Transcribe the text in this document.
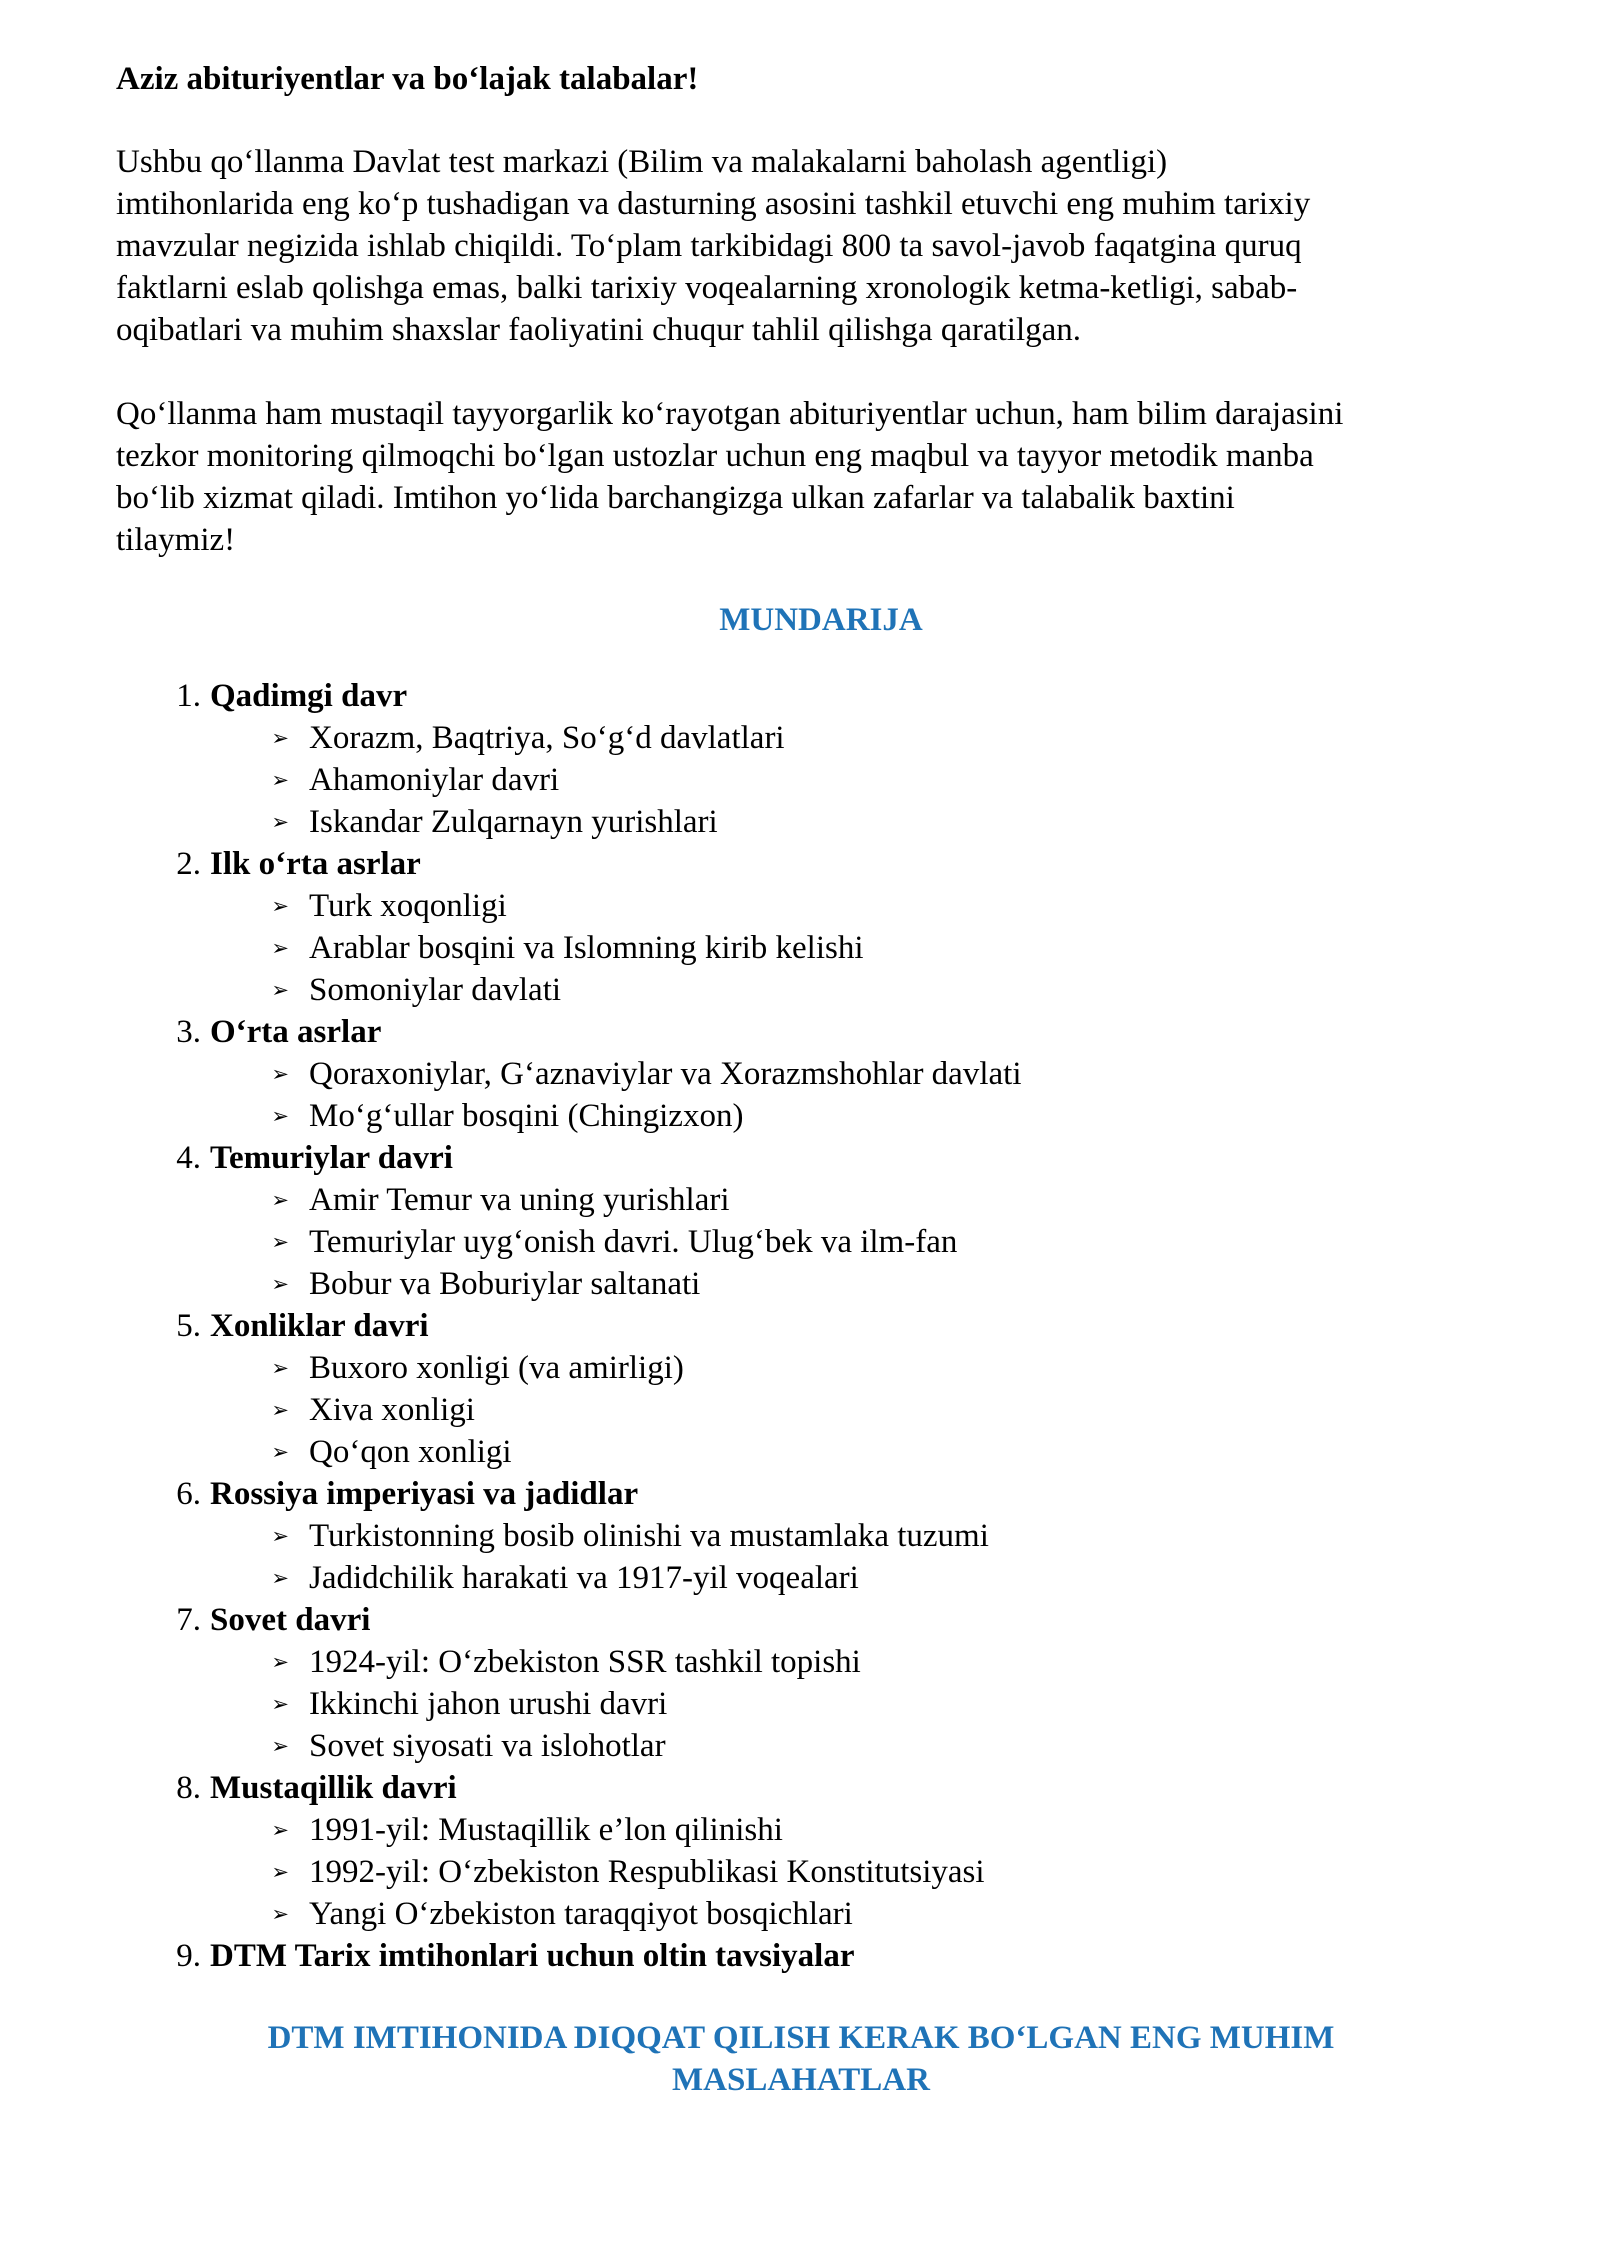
Aziz abituriyentlar va bo‘lajak talabalar!

Ushbu qo‘llanma Davlat test markazi (Bilim va malakalarni baholash agentligi)
imtihonlarida eng ko‘p tushadigan va dasturning asosini tashkil etuvchi eng muhim tarixiy
mavzular negizida ishlab chiqildi. To‘plam tarkibidagi 800 ta savol-javob faqatgina quruq
faktlarni eslab qolishga emas, balki tarixiy voqealarning xronologik ketma-ketligi, sabab-
oqibatlari va muhim shaxslar faoliyatini chuqur tahlil qilishga qaratilgan.

Qo‘llanma ham mustaqil tayyorgarlik ko‘rayotgan abituriyentlar uchun, ham bilim darajasini
tezkor monitoring qilmoqchi bo‘lgan ustozlar uchun eng maqbul va tayyor metodik manba
bo‘lib xizmat qiladi. Imtihon yo‘lida barchangizga ulkan zafarlar va talabalik baxtini
tilaymiz!

MUNDARIJA
1. Qadimgi davr
➢ Xorazm, Baqtriya, So‘g‘d davlatlari
➢ Ahamoniylar davri
➢ Iskandar Zulqarnayn yurishlari
2. Ilk o‘rta asrlar
➢ Turk xoqonligi
➢ Arablar bosqini va Islomning kirib kelishi
➢ Somoniylar davlati
3. O‘rta asrlar
➢ Qoraxoniylar, G‘aznaviylar va Xorazmshohlar davlati
➢ Mo‘g‘ullar bosqini (Chingizxon)
4. Temuriylar davri
➢ Amir Temur va uning yurishlari
➢ Temuriylar uyg‘onish davri. Ulug‘bek va ilm-fan
➢ Bobur va Boburiylar saltanati
5. Xonliklar davri
➢ Buxoro xonligi (va amirligi)
➢ Xiva xonligi
➢ Qo‘qon xonligi
6. Rossiya imperiyasi va jadidlar
➢ Turkistonning bosib olinishi va mustamlaka tuzumi
➢ Jadidchilik harakati va 1917-yil voqealari
7. Sovet davri
➢ 1924-yil: O‘zbekiston SSR tashkil topishi
➢ Ikkinchi jahon urushi davri
➢ Sovet siyosati va islohotlar
8. Mustaqillik davri
➢ 1991-yil: Mustaqillik e’lon qilinishi
➢ 1992-yil: O‘zbekiston Respublikasi Konstitutsiyasi
➢ Yangi O‘zbekiston taraqqiyot bosqichlari
9. DTM Tarix imtihonlari uchun oltin tavsiyalar
DTM IMTIHONIDA DIQQAT QILISH KERAK BO‘LGAN ENG MUHIM
MASLAHATLAR
